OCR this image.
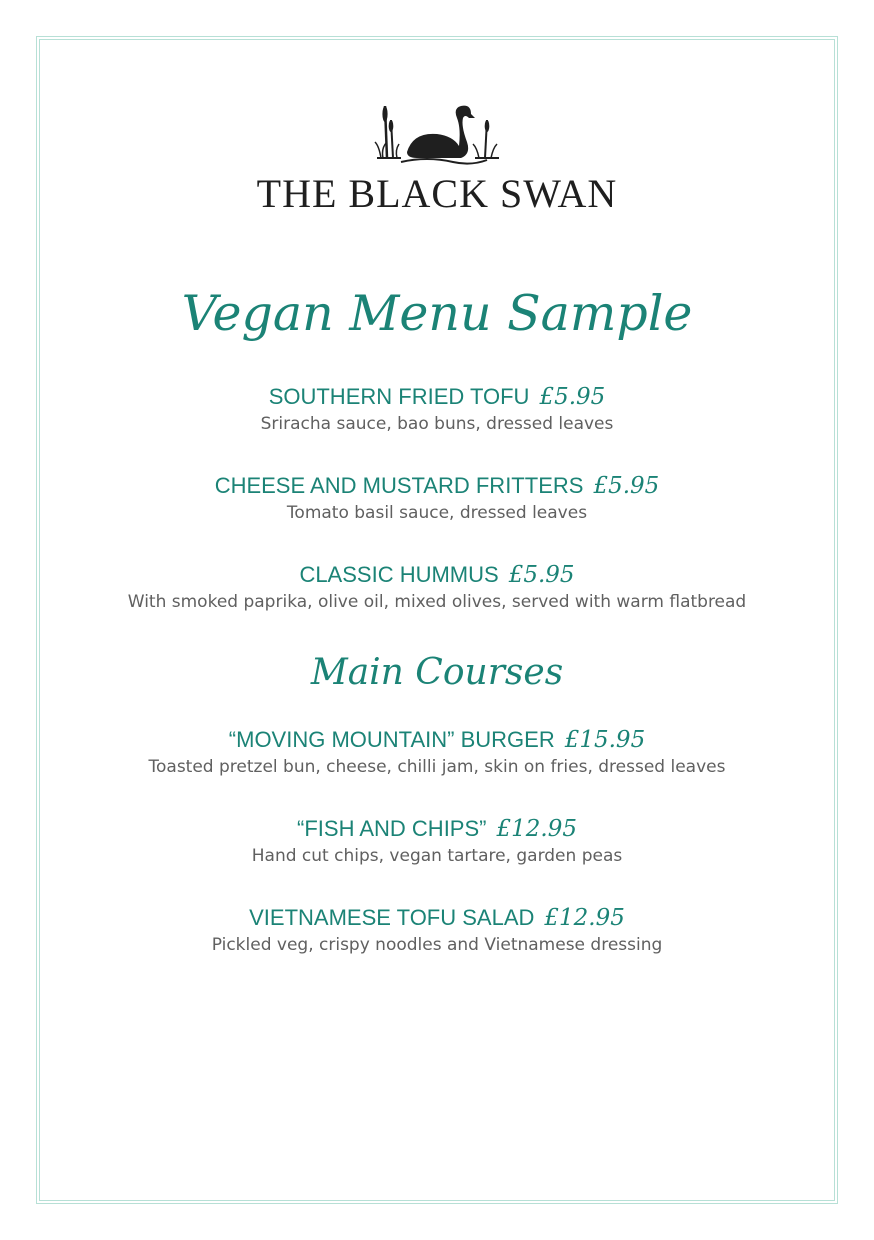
THE BLACK SWAN
Vegan Menu Sample
SOUTHERN FRIED TOFU £5.95
Sriracha sauce, bao buns, dressed leaves
CHEESE AND MUSTARD FRITTERS £5.95
Tomato basil sauce, dressed leaves
CLASSIC HUMMUS £5.95
With smoked paprika, olive oil, mixed olives, served with warm flatbread
Main Courses
“MOVING MOUNTAIN” BURGER £15.95
Toasted pretzel bun, cheese, chilli jam, skin on fries, dressed leaves
“FISH AND CHIPS” £12.95
Hand cut chips, vegan tartare, garden peas
VIETNAMESE TOFU SALAD £12.95
Pickled veg, crispy noodles and Vietnamese dressing
